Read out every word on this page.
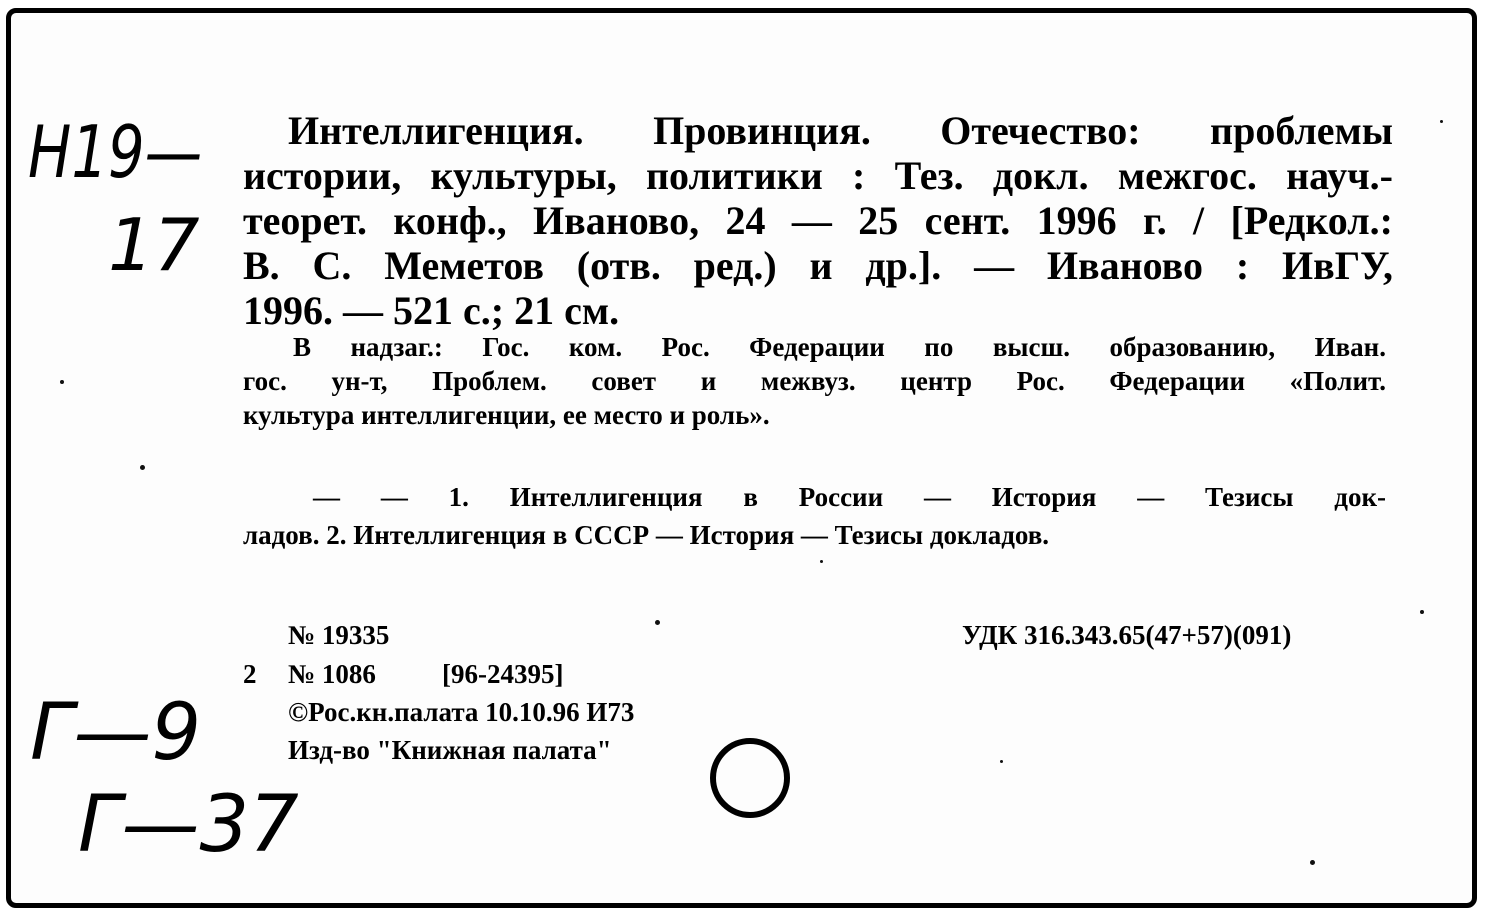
H19—
17
Г—9
Г—37
Интеллигенция. Провинция. Отечество: проблемы
истории, культуры, политики : Тез. докл. межгос. науч.-
теорет. конф., Иваново, 24 — 25 сент. 1996 г. / [Редкол.:
В. С. Меметов (отв. ред.) и др.]. — Иваново : ИвГУ,
1996. — 521 с.; 21 см.
В надзаг.: Гос. ком. Рос. Федерации по высш. образованию, Иван.
гос. ун-т, Проблем. совет и межвуз. центр Рос. Федерации «Полит.
культура интеллигенции, ее место и роль».
— — 1. Интеллигенция в России — История — Тезисы док-
ладов. 2. Интеллигенция в СССР — История — Тезисы докладов.
№ 19335	УДК 316.343.65(47+57)(091)
2 № 1086 [96-24395]
©Рос.кн.палата 10.10.96 И73
Изд-во "Книжная палата"
